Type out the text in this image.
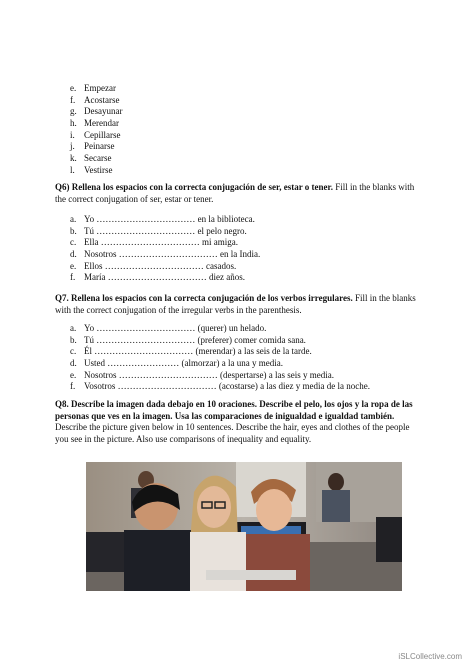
e. Empezar
f. Acostarse
g. Desayunar
h. Merendar
i. Cepillarse
j. Peinarse
k. Secarse
l. Vestirse
Q6) Rellena los espacios con la correcta conjugación de ser, estar o tener. Fill in the blanks with the correct conjugation of ser, estar or tener.
a. Yo …………………………… en la biblioteca.
b. Tú …………………………… el pelo negro.
c. Ella …………………………… mi amiga.
d. Nosotros …………………………… en la India.
e. Ellos …………………………… casados.
f. María …………………………… diez años.
Q7. Rellena los espacios con la correcta conjugación de los verbos irregulares. Fill in the blanks with the correct conjugation of the irregular verbs in the parenthesis.
a. Yo …………………………… (querer) un helado.
b. Tú …………………………… (preferer) comer comida sana.
c. Él …………………………… (merendar) a las seis de la tarde.
d. Usted …………………… (almorzar) a la una y media.
e. Nosotros …………………………… (despertarse) a las seis y media.
f. Vosotros …………………………… (acostarse) a las diez y media de la noche.
Q8. Describe la imagen dada debajo en 10 oraciones. Describe el pelo, los ojos y la ropa de las personas que ves en la imagen. Usa las comparaciones de inigualdad e igualdad también. Describe the picture given below in 10 sentences. Describe the hair, eyes and clothes of the people you see in the picture. Also use comparisons of inequality and equality.
iSLCollective.com
